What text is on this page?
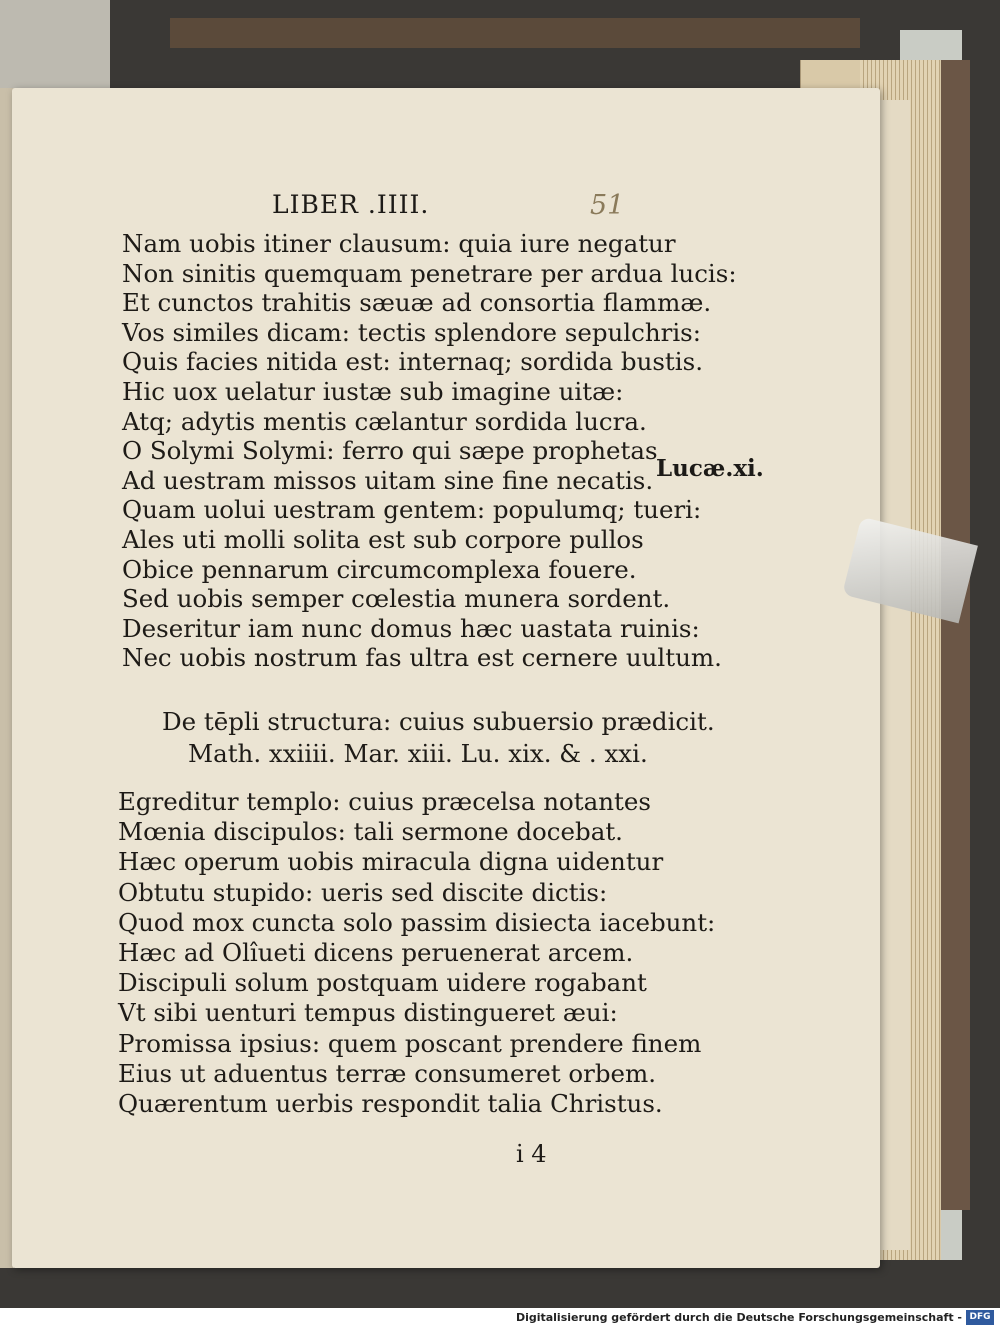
LIBER .IIII.	51
Nam uobis itiner clausum: quia iure negatur
Non sinitis quemquam penetrare per ardua lucis:
Et cunctos trahitis sæuæ ad consortia flammæ.
Vos similes dicam: tectis splendore sepulchris:
Quis facies nitida est: internaq; sordida bustis.
Hic uox uelatur iustæ sub imagine uitæ:
Atq; adytis mentis cælantur sordida lucra.
O Solymi Solymi: ferro qui sæpe prophetas
Ad uestram missos uitam sine fine necatis.
Quam uolui uestram gentem: populumq; tueri:
Ales uti molli solita est sub corpore pullos
Obice pennarum circumcomplexa fouere.
Sed uobis semper cœlestia munera sordent.
Deseritur iam nunc domus hæc uastata ruinis:
Nec uobis nostrum fas ultra est cernere uultum.
De tēpli structura: cuius subuersio prædicit.
Math. xxiiii. Mar. xiii. Lu. xix. & . xxi.
Egreditur templo: cuius præcelsa notantes
Mœnia discipulos: tali sermone docebat.
Hæc operum uobis miracula digna uidentur
Obtutu stupido: ueris sed discite dictis:
Quod mox cuncta solo passim disiecta iacebunt:
Hæc ad Olîueti dicens peruenerat arcem.
Discipuli solum postquam uidere rogabant
Vt sibi uenturi tempus distingueret æui:
Promissa ipsius: quem poscant prendere finem
Eius ut aduentus terræ consumeret orbem.
Quærentum uerbis respondit talia Christus.
Lucæ.xi.
i 4
Digitalisierung gefördert durch die Deutsche Forschungsgemeinschaft - DFG
